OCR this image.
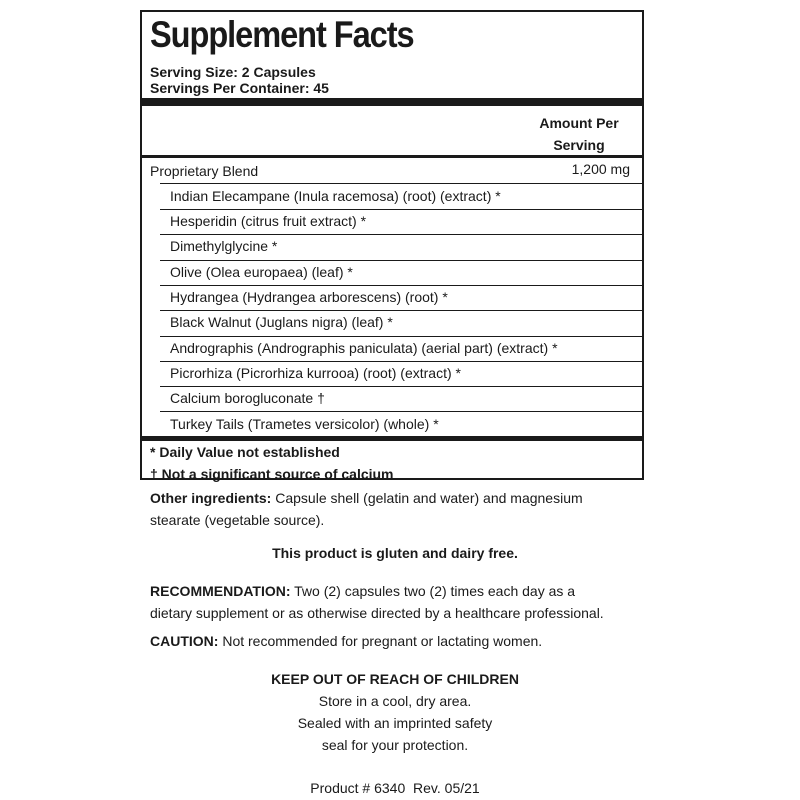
Supplement Facts
Serving Size: 2 Capsules
Servings Per Container: 45
Amount Per
Serving
Proprietary Blend	1,200 mg
Indian Elecampane (Inula racemosa) (root) (extract) *
Hesperidin (citrus fruit extract) *
Dimethylglycine *
Olive (Olea europaea) (leaf) *
Hydrangea (Hydrangea arborescens) (root) *
Black Walnut (Juglans nigra) (leaf) *
Andrographis (Andrographis paniculata) (aerial part) (extract) *
Picrorhiza (Picrorhiza kurrooa) (root) (extract) *
Calcium borogluconate †
Turkey Tails (Trametes versicolor) (whole) *
* Daily Value not established
† Not a significant source of calcium
Other ingredients: Capsule shell (gelatin and water) and magnesium
stearate (vegetable source).
This product is gluten and dairy free.
RECOMMENDATION: Two (2) capsules two (2) times each day as a
dietary supplement or as otherwise directed by a healthcare professional.
CAUTION: Not recommended for pregnant or lactating women.
KEEP OUT OF REACH OF CHILDREN
Store in a cool, dry area.
Sealed with an imprinted safety
seal for your protection.
Product # 6340  Rev. 05/21
